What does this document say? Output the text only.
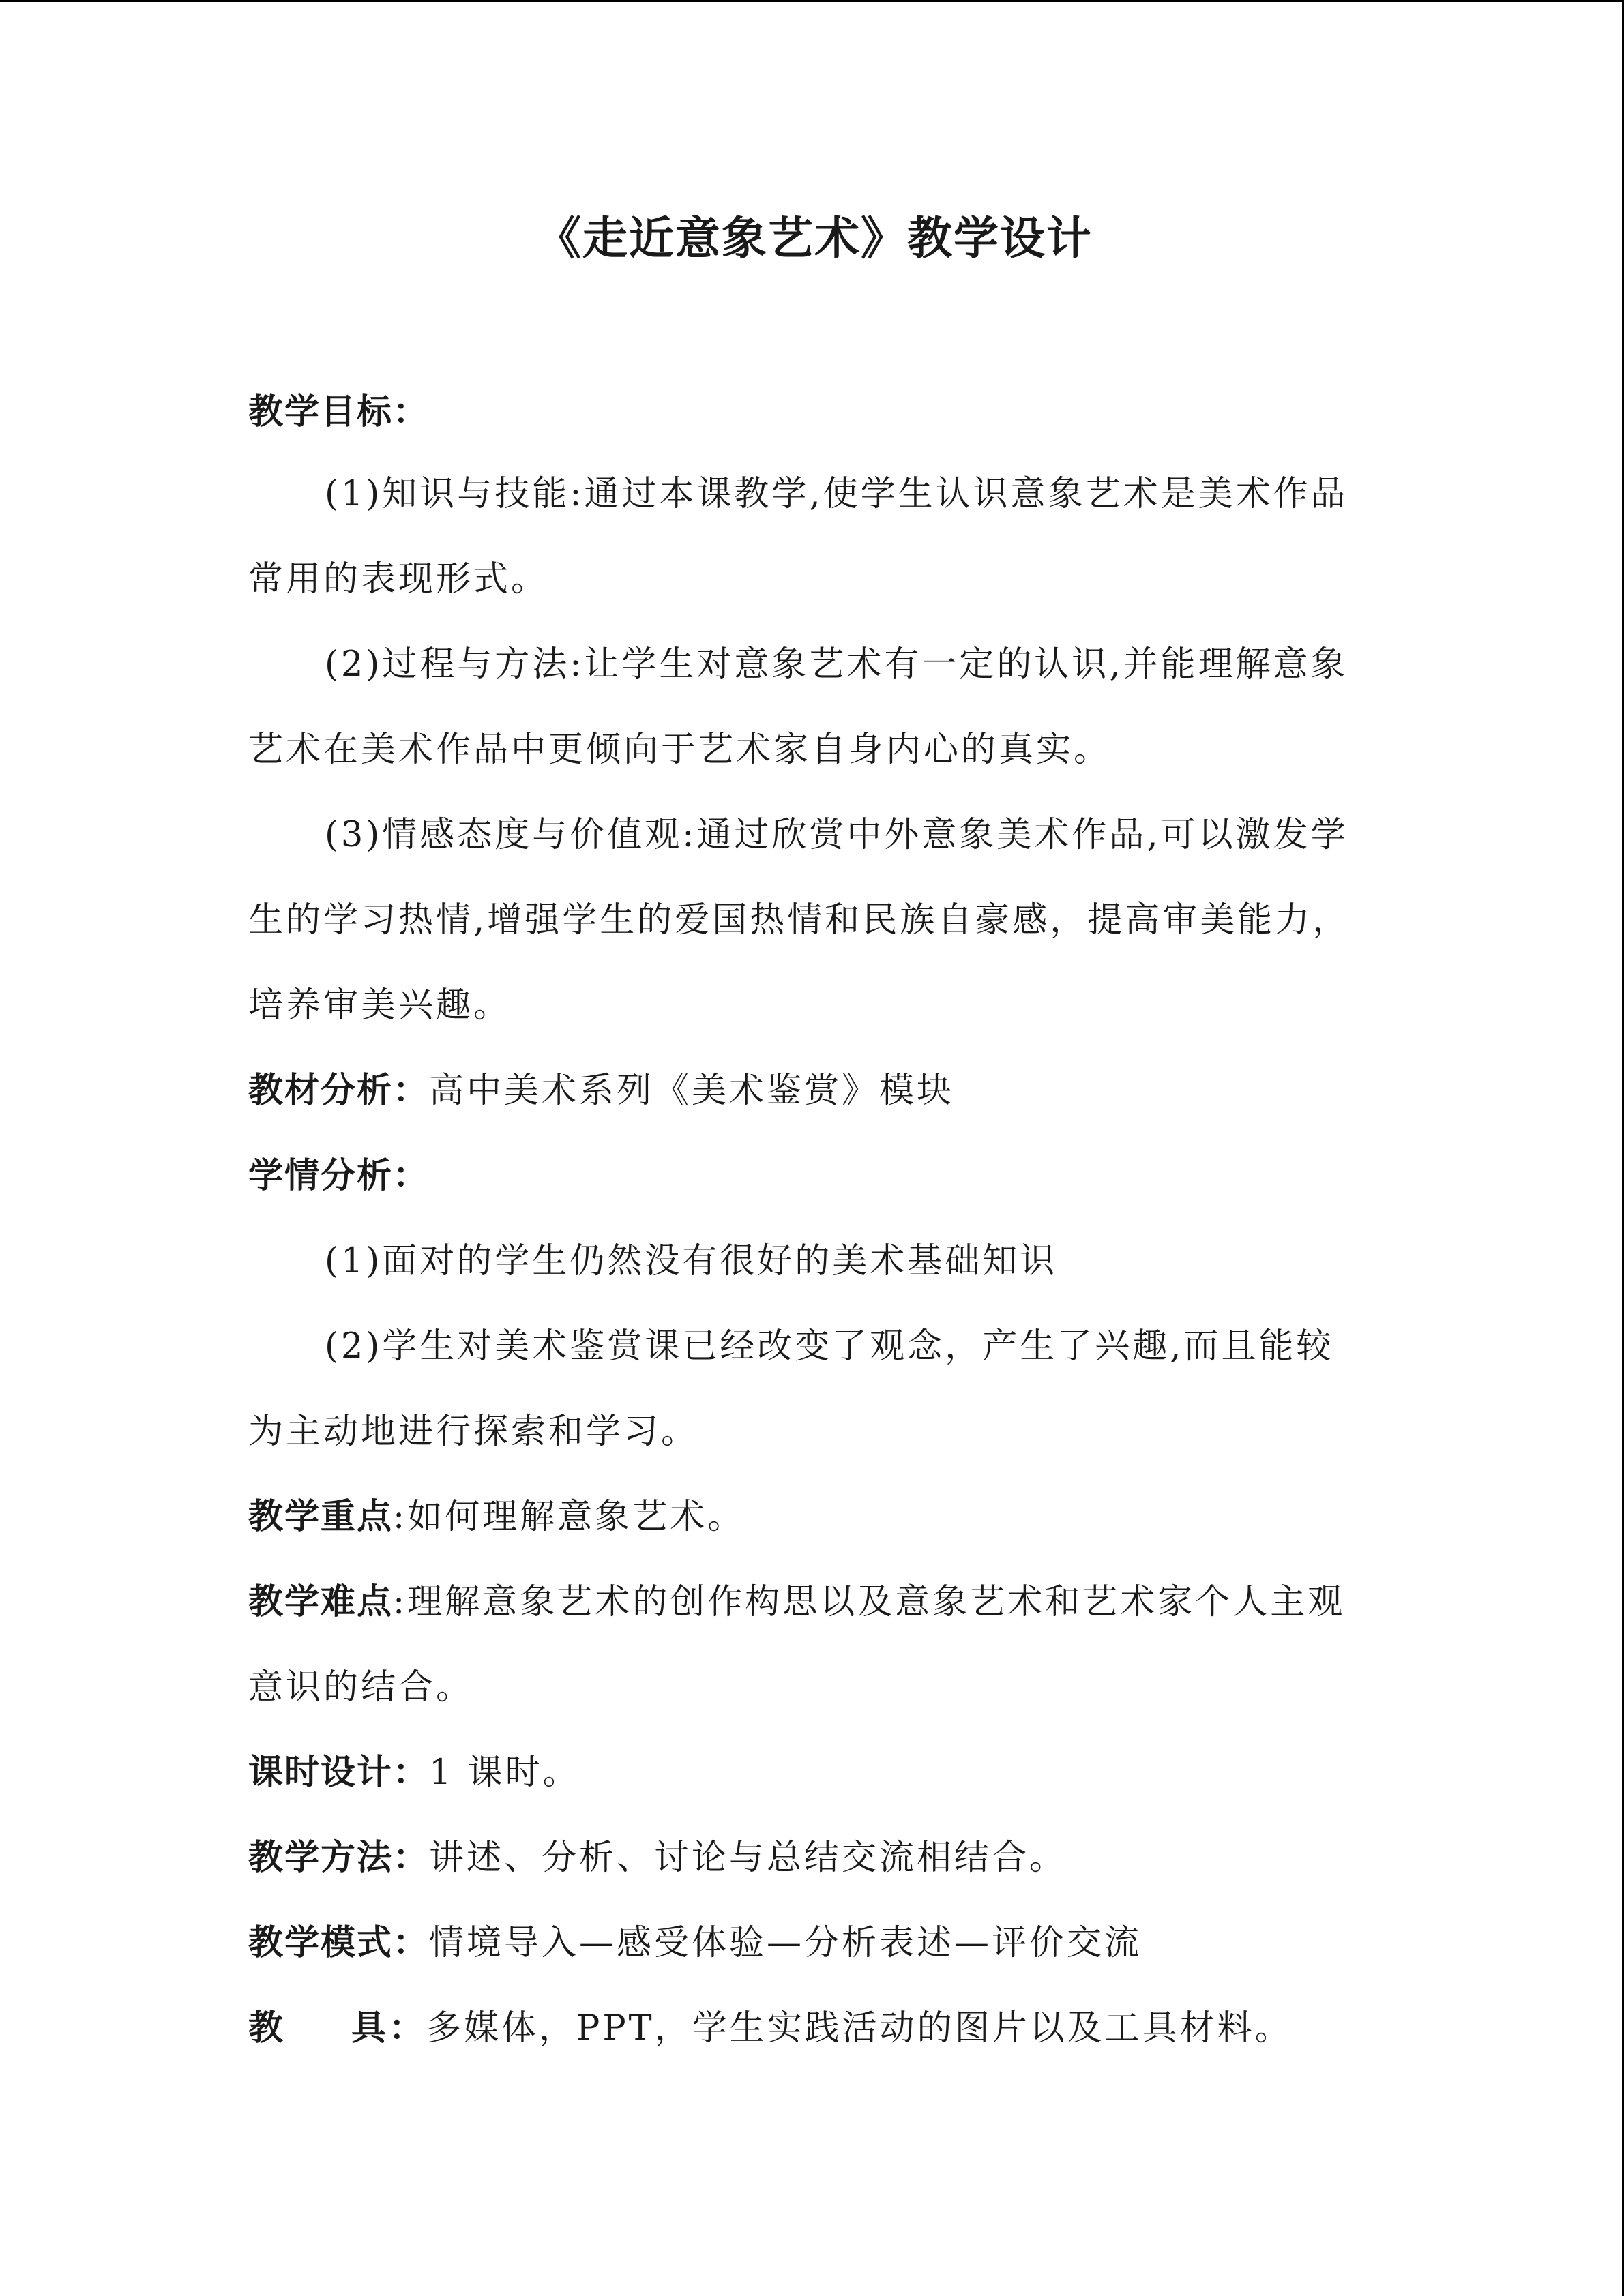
《走近意象艺术》教学设计
教学目标：
(1)知识与技能:通过本课教学,使学生认识意象艺术是美术作品
常用的表现形式。
(2)过程与方法:让学生对意象艺术有一定的认识,并能理解意象
艺术在美术作品中更倾向于艺术家自身内心的真实。
(3)情感态度与价值观:通过欣赏中外意象美术作品,可以激发学
生的学习热情,增强学生的爱国热情和民族自豪感，提高审美能力，
培养审美兴趣。
教材分析：高中美术系列《美术鉴赏》模块
学情分析：
(1)面对的学生仍然没有很好的美术基础知识
(2)学生对美术鉴赏课已经改变了观念，产生了兴趣,而且能较
为主动地进行探索和学习。
教学重点:如何理解意象艺术。
教学难点:理解意象艺术的创作构思以及意象艺术和艺术家个人主观
意识的结合。
课时设计：1 课时。
教学方法：讲述、分析、讨论与总结交流相结合。
教学模式：情境导入—感受体验—分析表述—评价交流
教 具：多媒体，PPT，学生实践活动的图片以及工具材料。
